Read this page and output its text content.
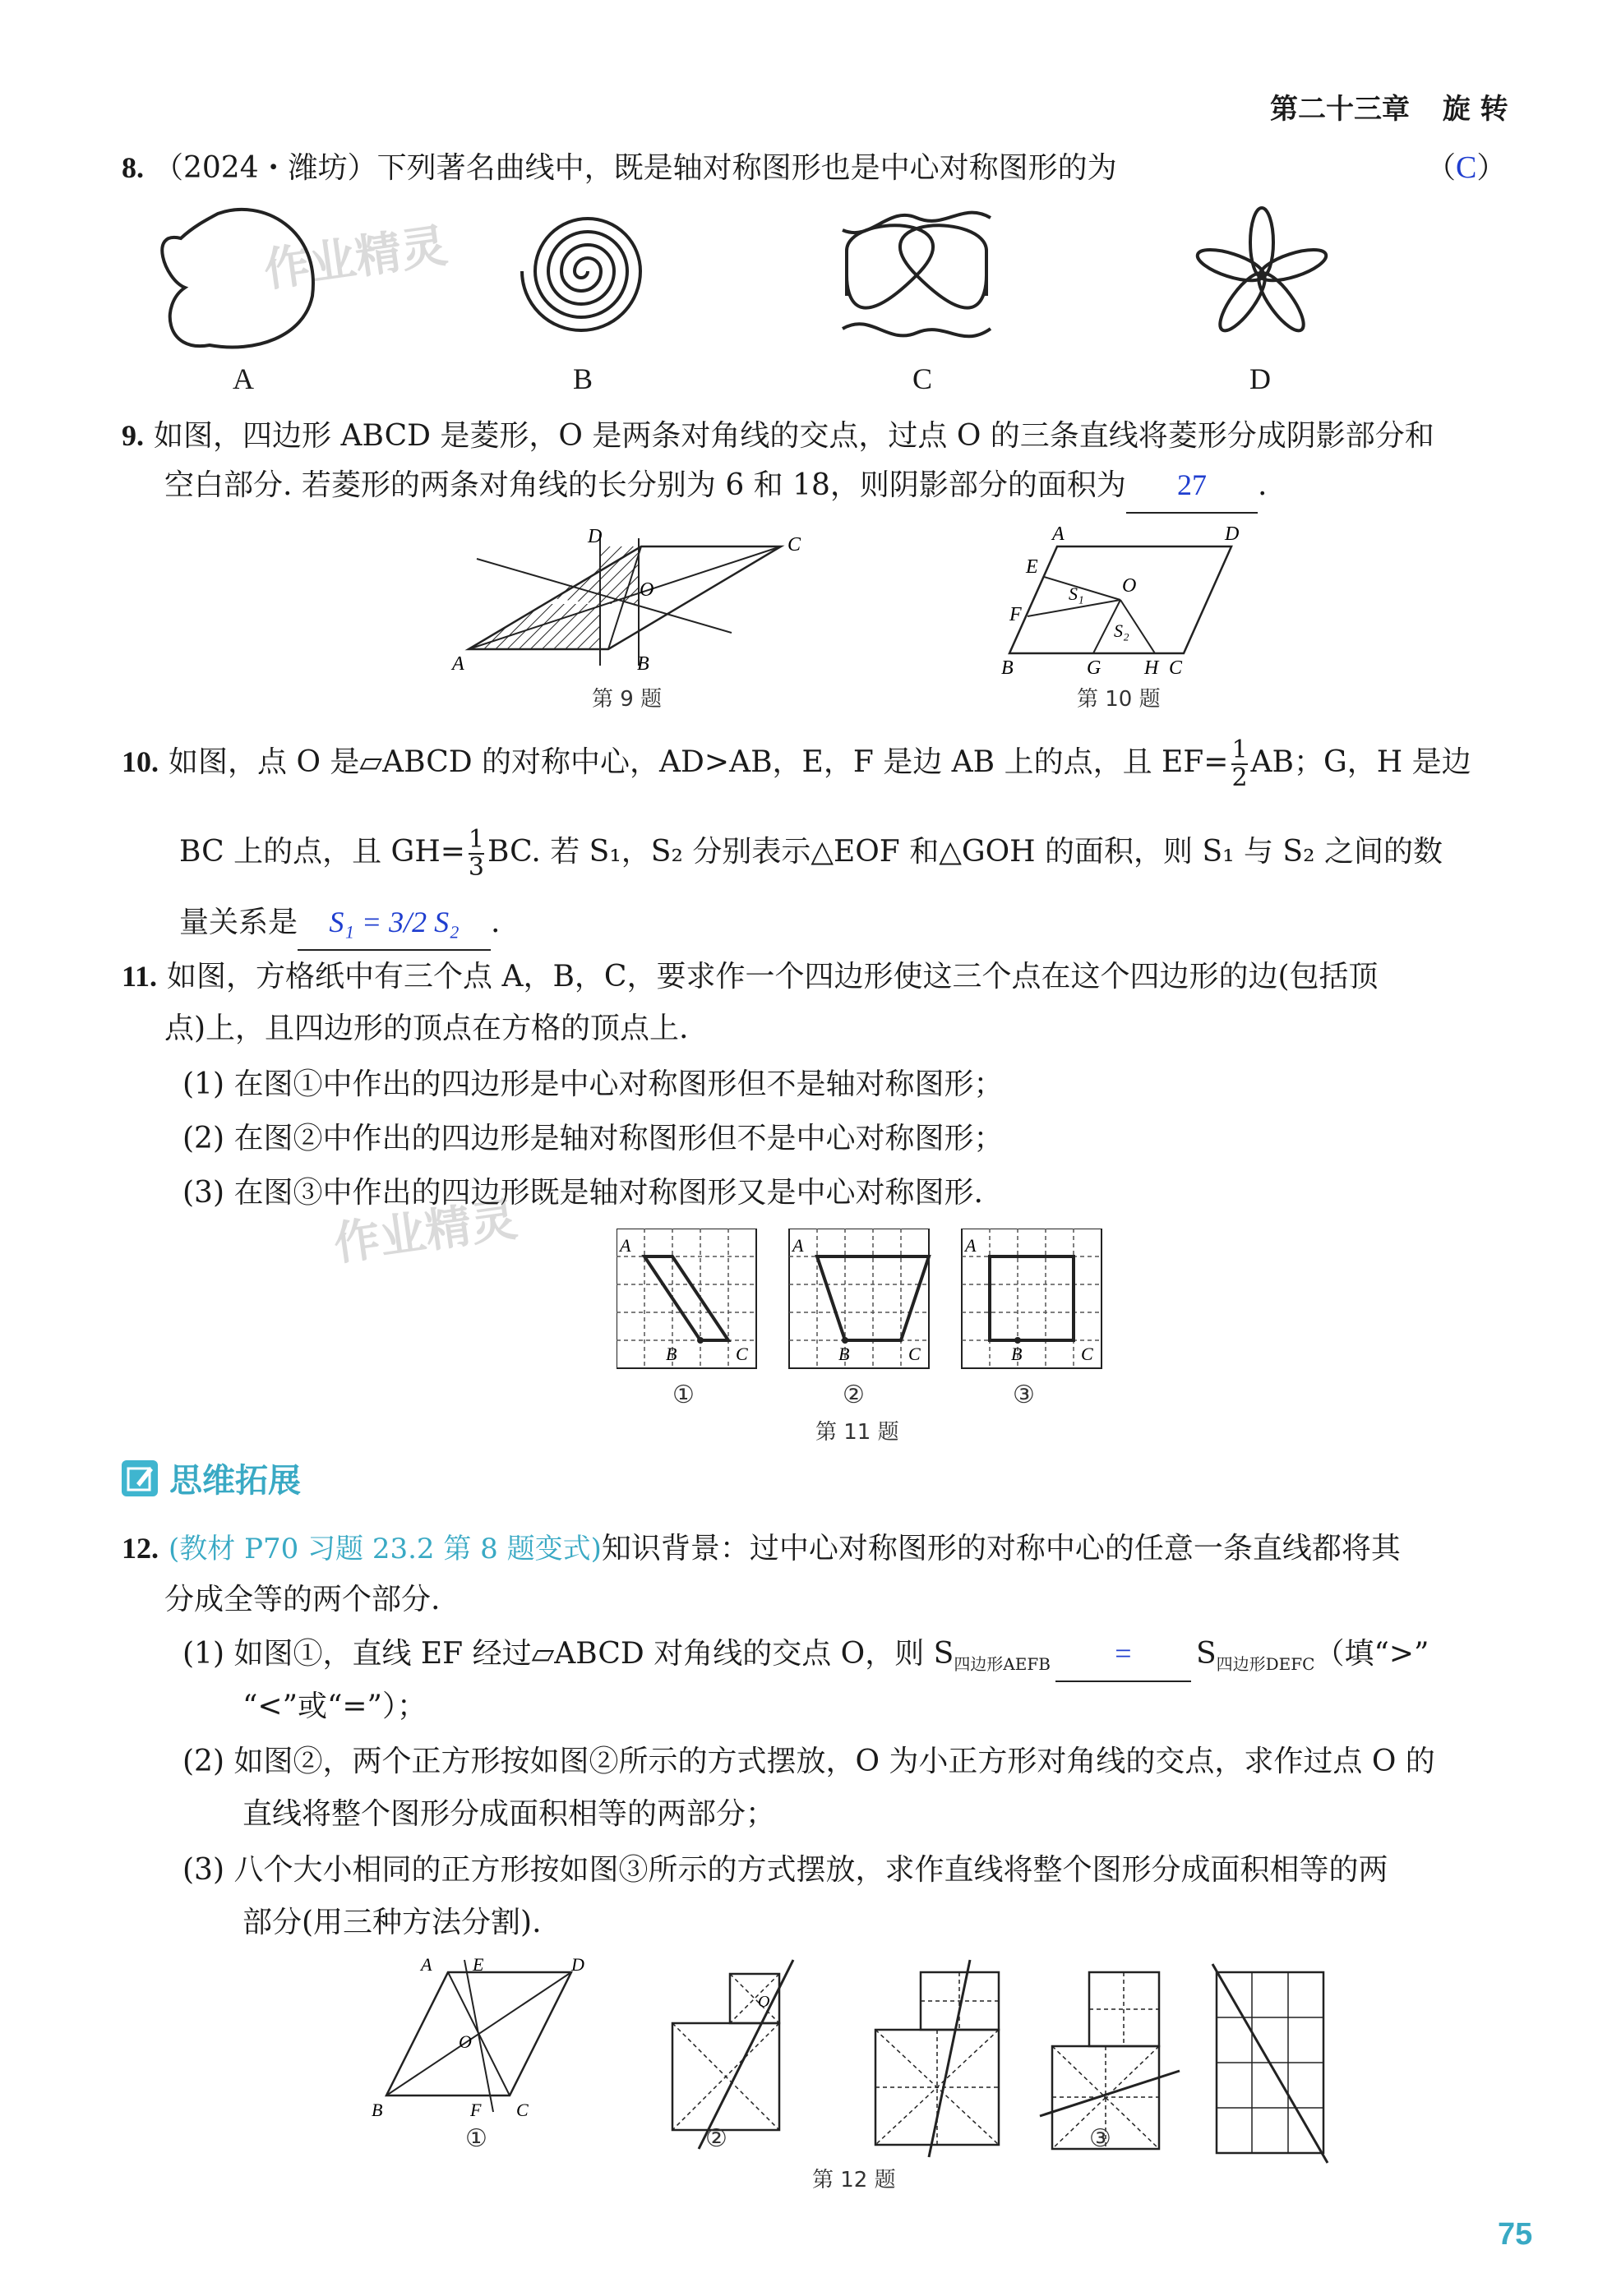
第二十三章 旋 转
作业精灵
作业精灵
8. （2024・潍坊）下列著名曲线中，既是轴对称图形也是中心对称图形的为	（C）
A	B	C	D
9. 如图，四边形 ABCD 是菱形，O 是两条对角线的交点，过点 O 的三条直线将菱形分成阴影部分和
空白部分. 若菱形的两条对角线的长分别为 6 和 18，则阴影部分的面积为 27 .
A	B
C
D
O
第 9 题
A	D
E
F
O
S₁
S₂
B	G H C
第 10 题
10. 如图，点 O 是▱ABCD 的对称中心，AD>AB，E，F 是边 AB 上的点，且 $EF= \frac{1}{2}$ AB；G，H 是边
BC 上的点，且 $GH= \frac{1}{3}$ BC. 若 S₁，S₂ 分别表示△EOF 和△GOH 的面积，则 S₁ 与 S₂ 之间的数
量关系是 S₁ = 3/2 S₂ .
11. 如图，方格纸中有三个点 A，B，C，要求作一个四边形使这三个点在这个四边形的边(包括顶
点)上，且四边形的顶点在方格的顶点上.
(1) 在图①中作出的四边形是中心对称图形但不是轴对称图形；
(2) 在图②中作出的四边形是轴对称图形但不是中心对称图形；
(3) 在图③中作出的四边形既是轴对称图形又是中心对称图形.
A
B	C
A
B	C
A
B	C
①	②	③
第 11 题
思维拓展
12. (教材 P70 习题 23.2 第 8 题变式)知识背景：过中心对称图形的对称中心的任意一条直线都将其
分成全等的两个部分.
(1) 如图①，直线 EF 经过▱ABCD 对角线的交点 O，则 $S_{四边形AEFB} = S_{四边形DEFC}$（填“>”
“<”或“=”）；
(2) 如图②，两个正方形按如图②所示的方式摆放，O 为小正方形对角线的交点，求作过点 O 的
直线将整个图形分成面积相等的两部分；
(3) 八个大小相同的正方形按如图③所示的方式摆放，求作直线将整个图形分成面积相等的两
部分(用三种方法分割).
A E	D
O
B	F C
O
①	②	③
第 12 题
75
